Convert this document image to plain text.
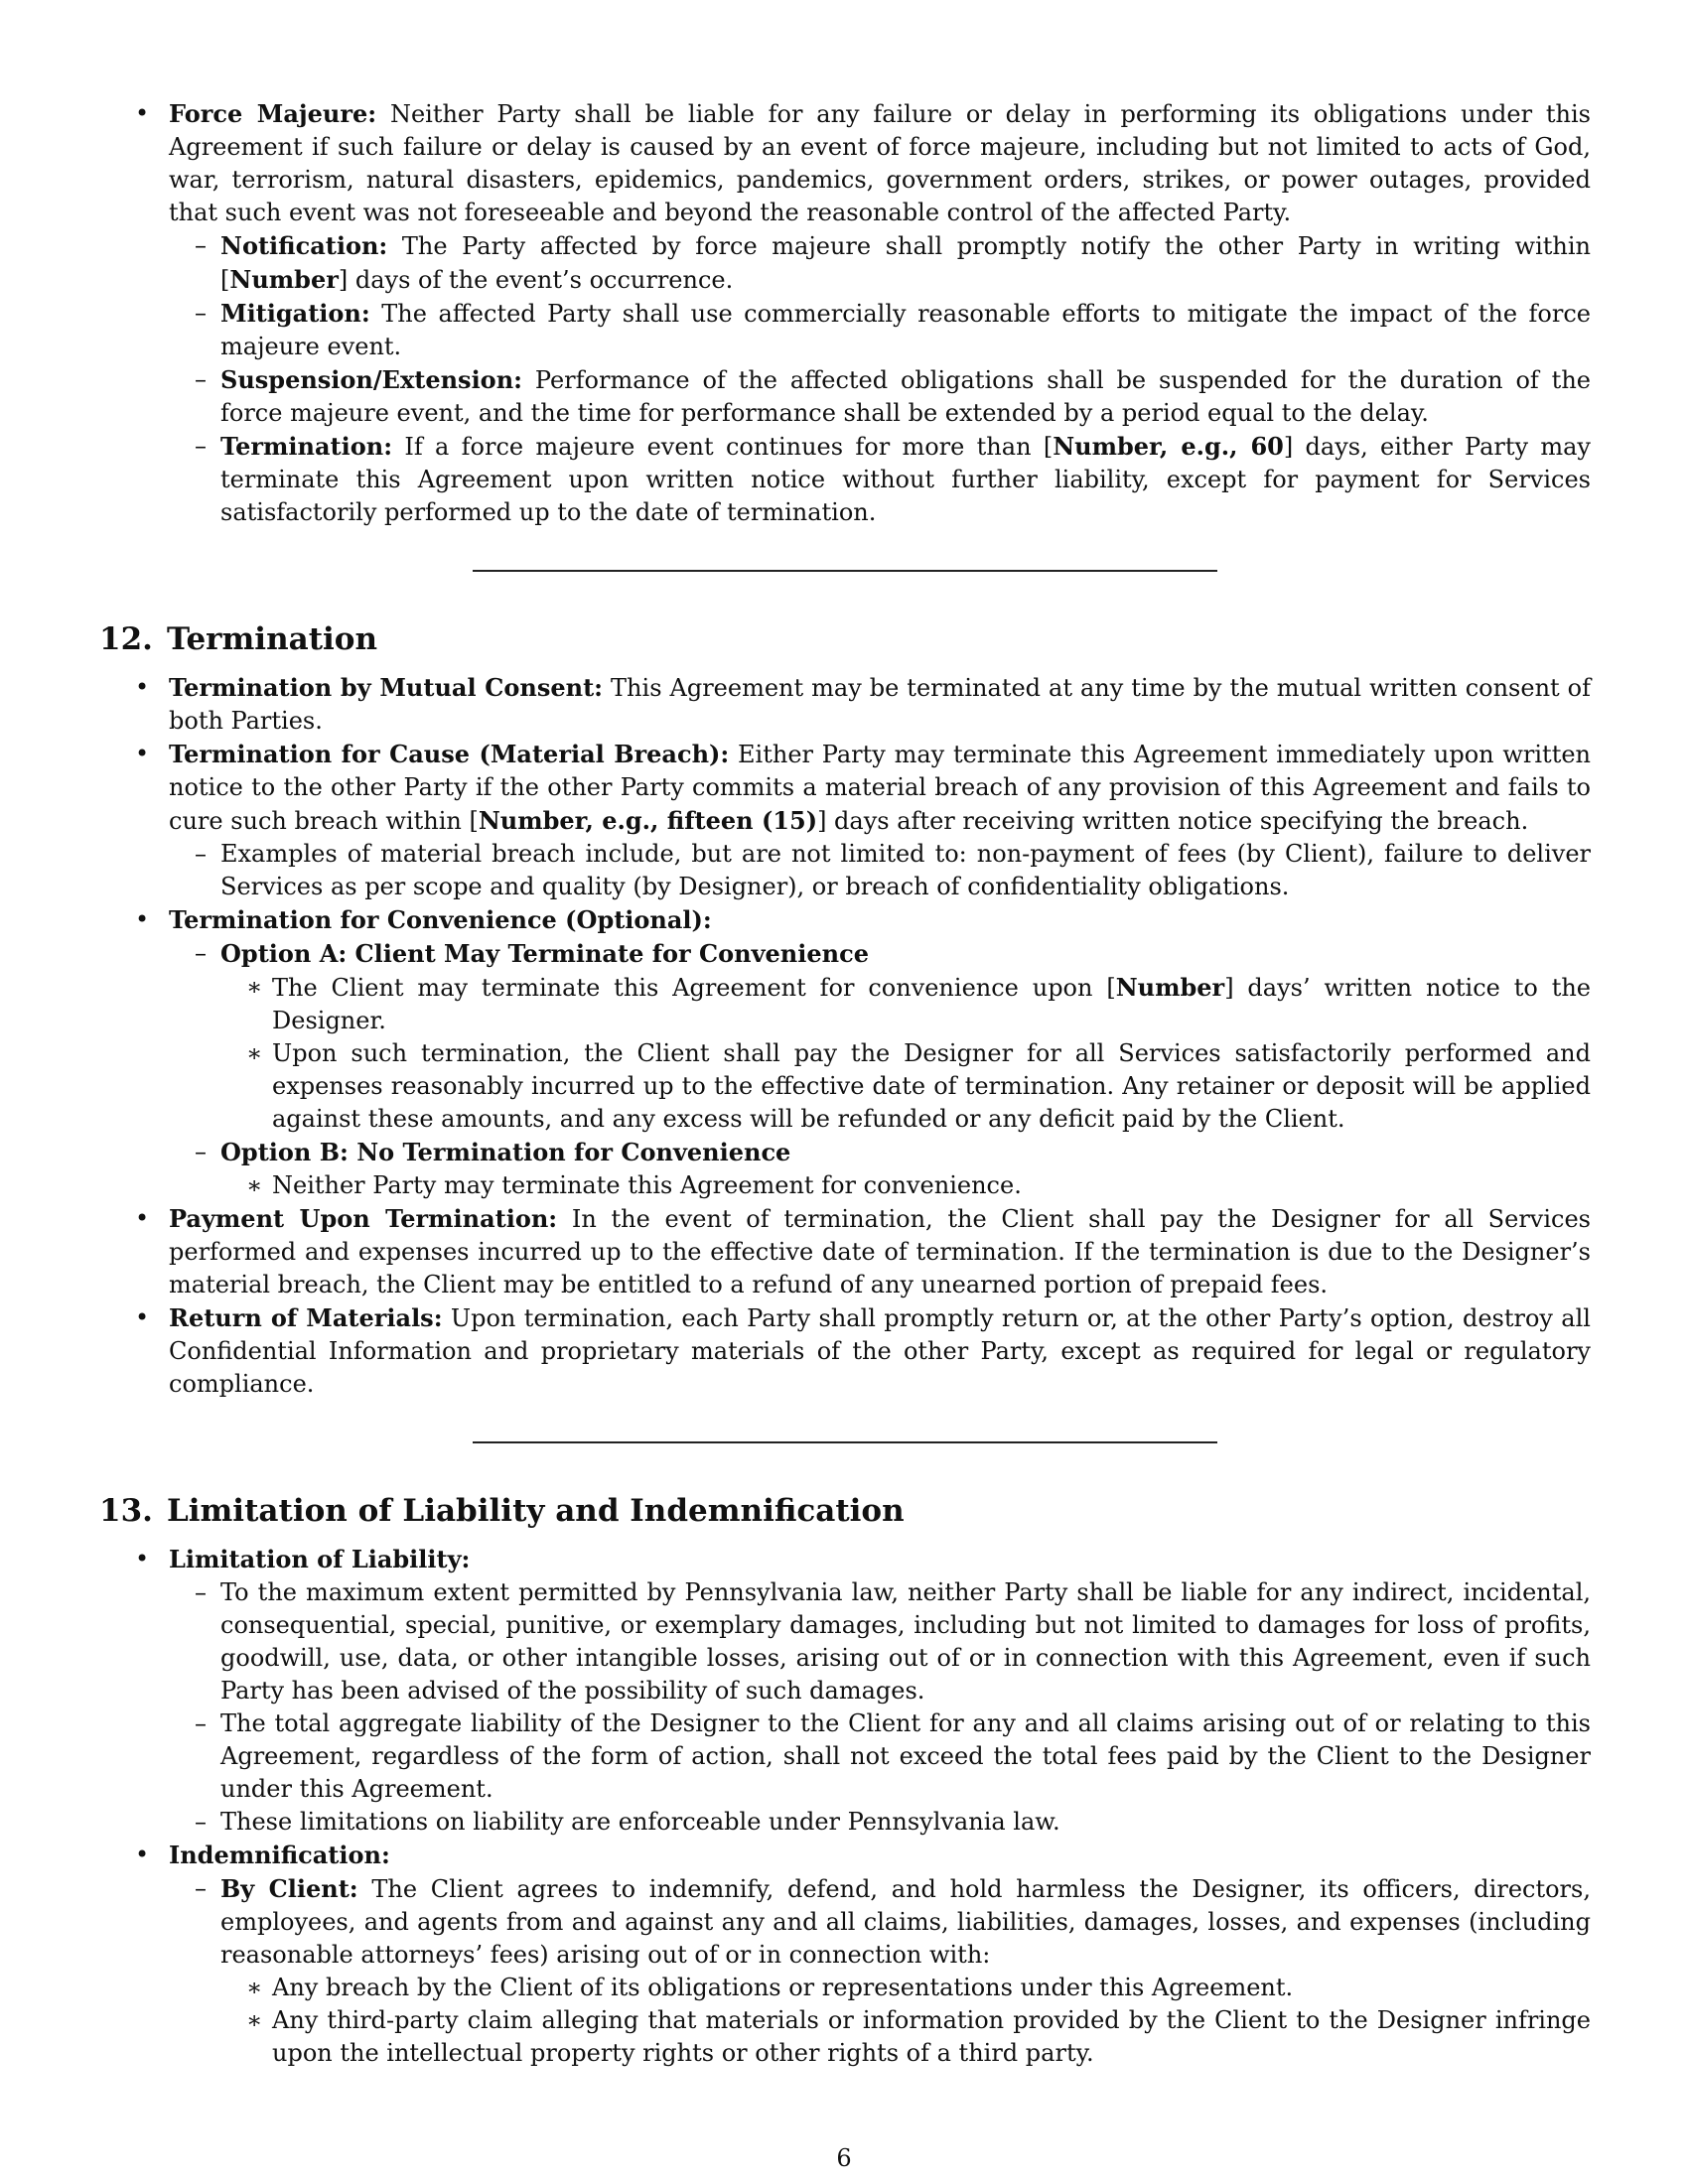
• Force Majeure: Neither Party shall be liable for any failure or delay in performing its obligations under this Agreement if such failure or delay is caused by an event of force majeure, including but not limited to acts of God, war, terrorism, natural disasters, epidemics, pandemics, government orders, strikes, or power outages, provided that such event was not foreseeable and beyond the reasonable control of the affected Party.
– Notification: The Party affected by force majeure shall promptly notify the other Party in writing within [Number] days of the event’s occurrence.
– Mitigation: The affected Party shall use commercially reasonable efforts to mitigate the impact of the force majeure event.
– Suspension/Extension: Performance of the affected obligations shall be suspended for the duration of the force majeure event, and the time for performance shall be extended by a period equal to the delay.
– Termination: If a force majeure event continues for more than [Number, e.g., 60] days, either Party may terminate this Agreement upon written notice without further liability, except for payment for Services satisfactorily performed up to the date of termination.
12. Termination
• Termination by Mutual Consent: This Agreement may be terminated at any time by the mutual written consent of both Parties.
• Termination for Cause (Material Breach): Either Party may terminate this Agreement immediately upon written notice to the other Party if the other Party commits a material breach of any provision of this Agreement and fails to cure such breach within [Number, e.g., fifteen (15)] days after receiving written notice specifying the breach.
– Examples of material breach include, but are not limited to: non-payment of fees (by Client), failure to deliver Services as per scope and quality (by Designer), or breach of confidentiality obligations.
• Termination for Convenience (Optional):
– Option A: Client May Terminate for Convenience
∗ The Client may terminate this Agreement for convenience upon [Number] days’ written notice to the Designer.
∗ Upon such termination, the Client shall pay the Designer for all Services satisfactorily performed and expenses reasonably incurred up to the effective date of termination. Any retainer or deposit will be applied against these amounts, and any excess will be refunded or any deficit paid by the Client.
– Option B: No Termination for Convenience
∗ Neither Party may terminate this Agreement for convenience.
• Payment Upon Termination: In the event of termination, the Client shall pay the Designer for all Services performed and expenses incurred up to the effective date of termination. If the termination is due to the Designer’s material breach, the Client may be entitled to a refund of any unearned portion of prepaid fees.
• Return of Materials: Upon termination, each Party shall promptly return or, at the other Party’s option, destroy all Confidential Information and proprietary materials of the other Party, except as required for legal or regulatory compliance.
13. Limitation of Liability and Indemnification
• Limitation of Liability:
– To the maximum extent permitted by Pennsylvania law, neither Party shall be liable for any indirect, incidental, consequential, special, punitive, or exemplary damages, including but not limited to damages for loss of profits, goodwill, use, data, or other intangible losses, arising out of or in connection with this Agreement, even if such Party has been advised of the possibility of such damages.
– The total aggregate liability of the Designer to the Client for any and all claims arising out of or relating to this Agreement, regardless of the form of action, shall not exceed the total fees paid by the Client to the Designer under this Agreement.
– These limitations on liability are enforceable under Pennsylvania law.
• Indemnification:
– By Client: The Client agrees to indemnify, defend, and hold harmless the Designer, its officers, directors, employees, and agents from and against any and all claims, liabilities, damages, losses, and expenses (including reasonable attorneys’ fees) arising out of or in connection with:
∗ Any breach by the Client of its obligations or representations under this Agreement.
∗ Any third-party claim alleging that materials or information provided by the Client to the Designer infringe upon the intellectual property rights or other rights of a third party.
6
